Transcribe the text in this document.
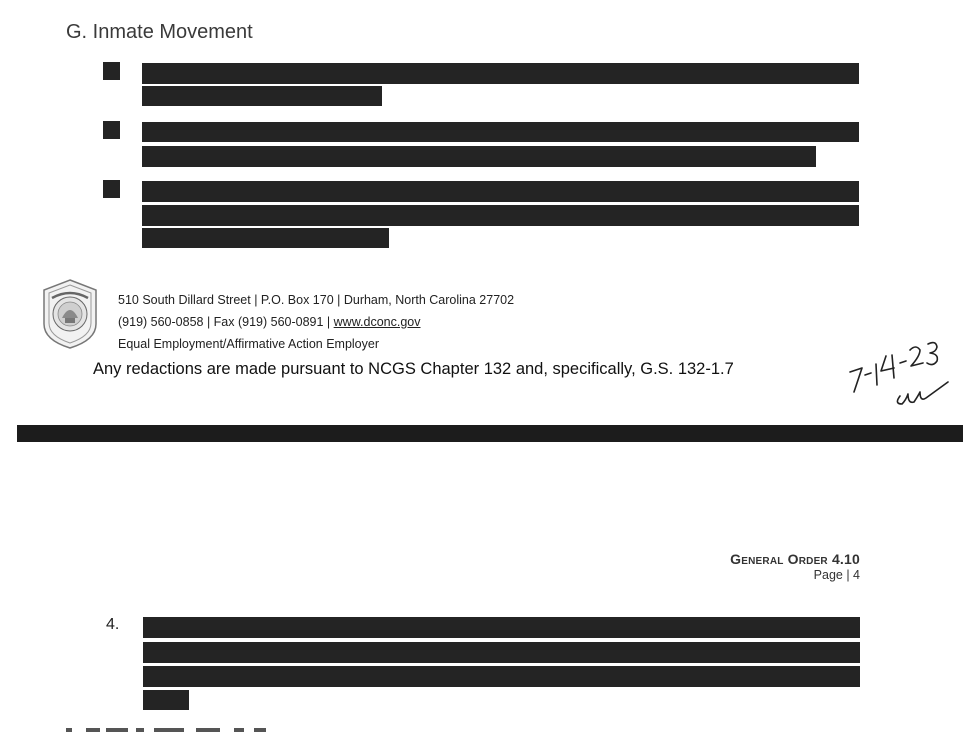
G. Inmate Movement
510 South Dillard Street | P.O. Box 170 | Durham, North Carolina 27702
(919) 560-0858 | Fax (919) 560-0891 | www.dconc.gov
Equal Employment/Affirmative Action Employer
Any redactions are made pursuant to NCGS Chapter 132 and, specifically, G.S. 132-1.7
General Order 4.10
Page | 4
4.
